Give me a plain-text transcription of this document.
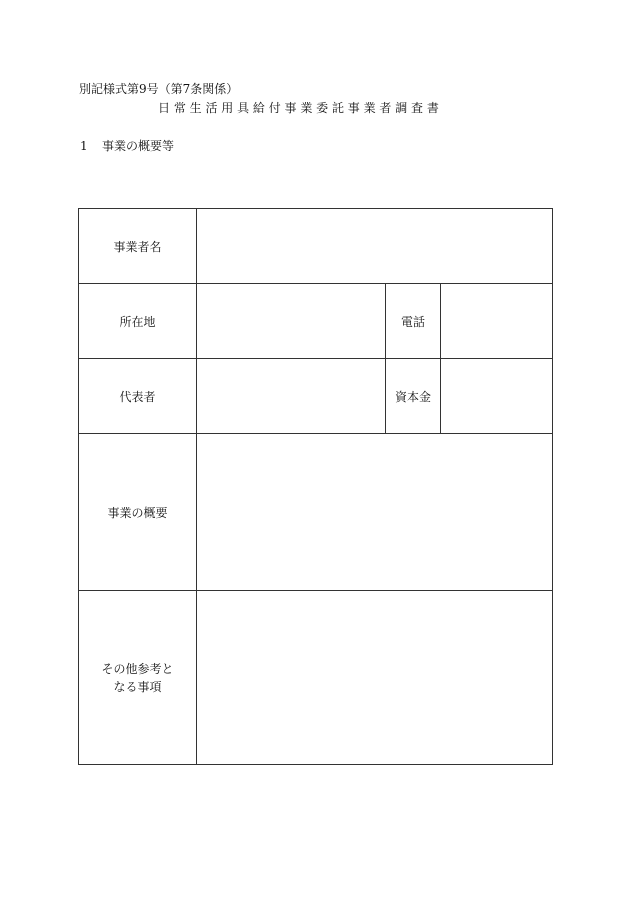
別記様式第9号（第7条関係）
日 常 生 活 用 具 給 付 事 業 委 託 事 業 者 調 査 書
1 事業の概要等
事業者名			
所在地		電話	
代表者		資本金	
事業の概要			

その他参考と
なる事項			
